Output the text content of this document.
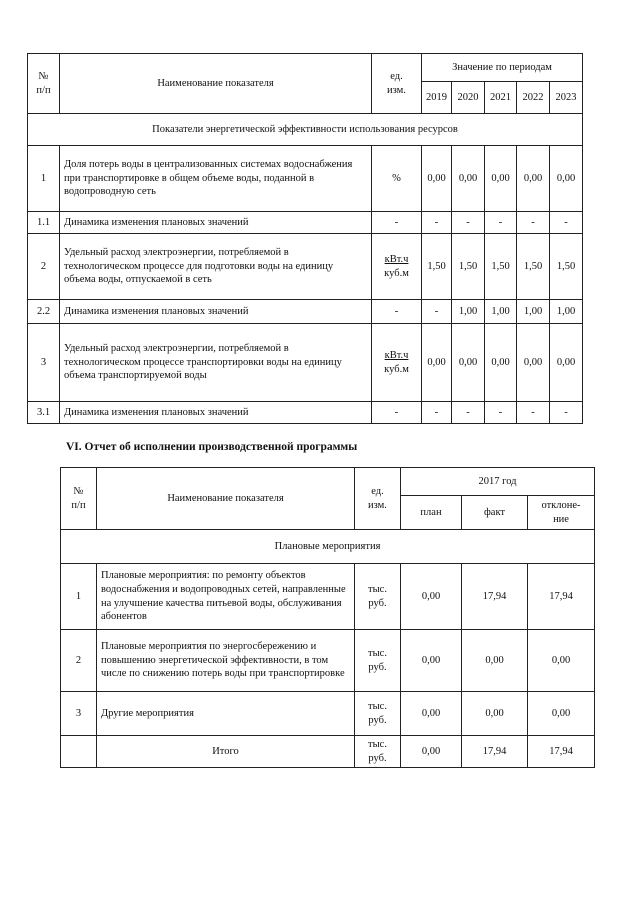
№
п/п	Наименование показателя	ед.
изм.	Значение по периодам				
			2019	2020	2021	2022	2023
Показатели энергетической эффективности использования ресурсов							
1	Доля потерь воды в централизованных системах водоснабжения при транспортировке в общем объеме воды, поданной в водопроводную сеть	%	0,00	0,00	0,00	0,00	0,00
1.1	Динамика изменения плановых значений	-	-	-	-	-	-
2	Удельный расход электроэнергии, потребляемой в технологическом процессе для подготовки воды на единицу объема воды, отпускаемой в сеть	кВт.ч
куб.м	1,50	1,50	1,50	1,50	1,50
2.2	Динамика изменения плановых значений	-	-	1,00	1,00	1,00	1,00
3	Удельный расход электроэнергии, потребляемой в технологическом процессе транспортировки воды на единицу объема транспортируемой воды	кВт.ч
куб.м	0,00	0,00	0,00	0,00	0,00
3.1	Динамика изменения плановых значений	-	-	-	-	-	-

VI. Отчет об исполнении производственной программы

№
п/п	Наименование показателя	ед.
изм.	2017 год		
			план	факт	отклоне-
ние
Плановые мероприятия					
1	Плановые мероприятия: по ремонту объектов водоснабжения и водопроводных сетей, направленные на улучшение качества питьевой воды, обслуживания абонентов	тыс.
руб.	0,00	17,94	17,94
2	Плановые мероприятия по энергосбережению и повышению энергетической эффективности, в том числе по снижению потерь воды при транспортировке	тыс.
руб.	0,00	0,00	0,00
3	Другие мероприятия	тыс.
руб.	0,00	0,00	0,00
	Итого	тыс.
руб.	0,00	17,94	17,94
